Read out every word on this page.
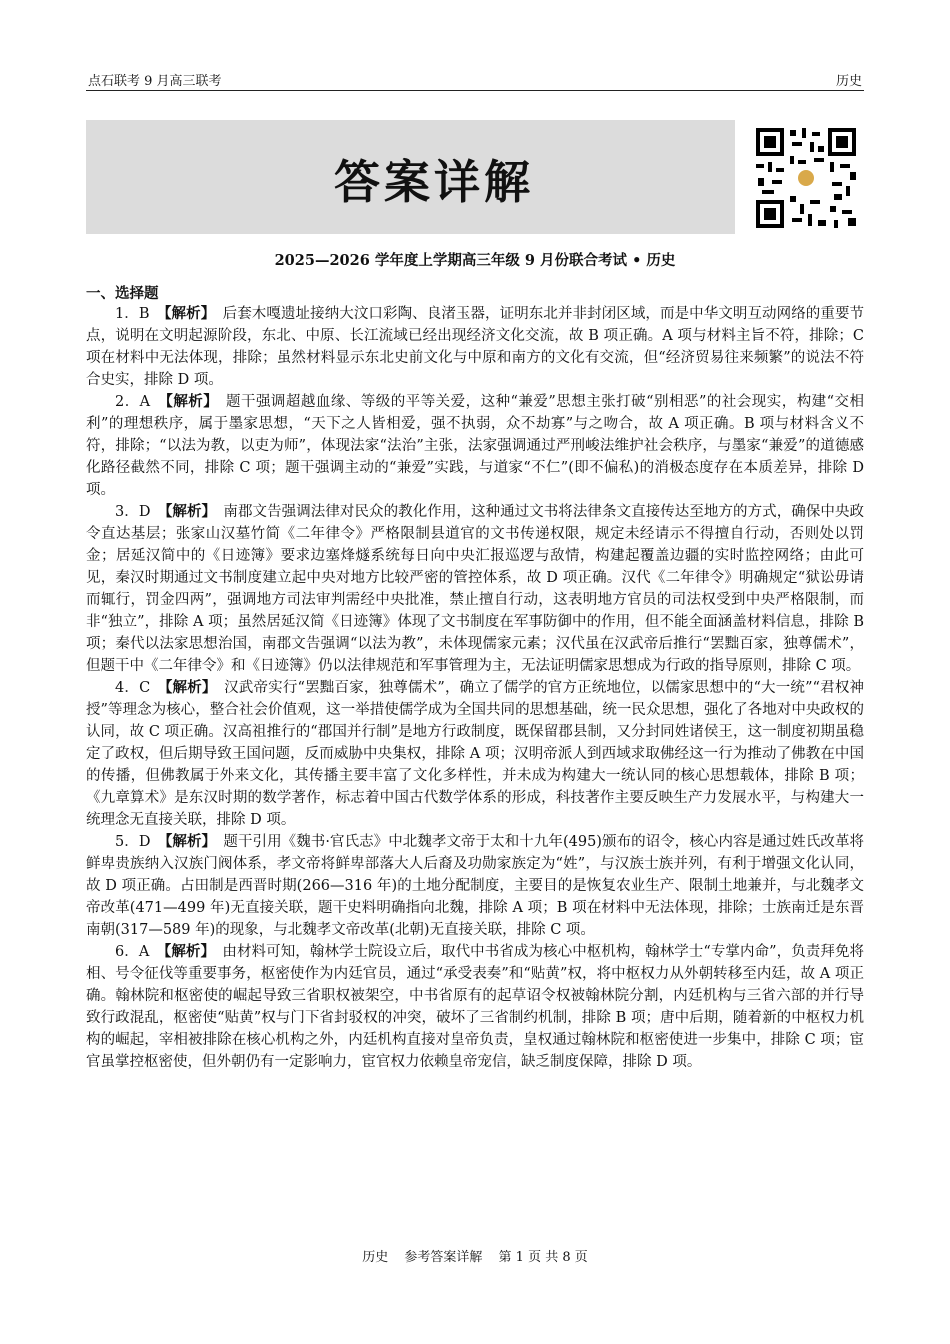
点石联考 9 月高三联考	历史
答案详解
2025—2026 学年度上学期高三年级 9 月份联合考试 • 历史
一、选择题

1．B　 【解析】　 后套木嘎遗址接纳大汶口彩陶、良渚玉器，证明东北并非封闭区域，而是中华文明互动网络的重要节点，说明在文明起源阶段，东北、中原、长江流域已经出现经济文化交流，故 B 项正确。A 项与材料主旨不符，排除；C 项在材料中无法体现，排除；虽然材料显示东北史前文化与中原和南方的文化有交流，但“经济贸易往来频繁”的说法不符合史实，排除 D 项。

2．A　 【解析】　 题干强调超越血缘、等级的平等关爱，这种“兼爱”思想主张打破“别相恶”的社会现实，构建“交相利”的理想秩序，属于墨家思想，“天下之人皆相爱，强不执弱，众不劫寡”与之吻合，故 A 项正确。B 项与材料含义不符，排除；“以法为教，以吏为师”，体现法家“法治”主张，法家强调通过严刑峻法维护社会秩序，与墨家“兼爱”的道德感化路径截然不同，排除 C 项；题干强调主动的“兼爱”实践，与道家“不仁”(即不偏私)的消极态度存在本质差异，排除 D 项。

3．D　 【解析】　 南郡文告强调法律对民众的教化作用，这种通过文书将法律条文直接传达至地方的方式，确保中央政令直达基层；张家山汉墓竹简《二年律令》严格限制县道官的文书传递权限，规定未经请示不得擅自行动，否则处以罚金；居延汉简中的《日迹簿》要求边塞烽燧系统每日向中央汇报巡逻与敌情，构建起覆盖边疆的实时监控网络；由此可见，秦汉时期通过文书制度建立起中央对地方比较严密的管控体系，故 D 项正确。汉代《二年律令》明确规定“狱讼毋请而辄行，罚金四两”，强调地方司法审判需经中央批准，禁止擅自行动，这表明地方官员的司法权受到中央严格限制，而非“独立”，排除 A 项；虽然居延汉简《日迹簿》体现了文书制度在军事防御中的作用，但不能全面涵盖材料信息，排除 B 项；秦代以法家思想治国，南郡文告强调“以法为教”，未体现儒家元素；汉代虽在汉武帝后推行“罢黜百家，独尊儒术”，但题干中《二年律令》和《日迹簿》仍以法律规范和军事管理为主，无法证明儒家思想成为行政的指导原则，排除 C 项。

4．C　 【解析】　 汉武帝实行“罢黜百家，独尊儒术”，确立了儒学的官方正统地位，以儒家思想中的“大一统”“君权神授”等理念为核心，整合社会价值观，这一举措使儒学成为全国共同的思想基础，统一民众思想，强化了各地对中央政权的认同，故 C 项正确。汉高祖推行的“郡国并行制”是地方行政制度，既保留郡县制，又分封同姓诸侯王，这一制度初期虽稳定了政权，但后期导致王国问题，反而威胁中央集权，排除 A 项；汉明帝派人到西域求取佛经这一行为推动了佛教在中国的传播，但佛教属于外来文化，其传播主要丰富了文化多样性，并未成为构建大一统认同的核心思想载体，排除 B 项；《九章算术》是东汉时期的数学著作，标志着中国古代数学体系的形成，科技著作主要反映生产力发展水平，与构建大一统理念无直接关联，排除 D 项。

5．D　 【解析】　 题干引用《魏书·官氏志》中北魏孝文帝于太和十九年(495)颁布的诏令，核心内容是通过姓氏改革将鲜卑贵族纳入汉族门阀体系，孝文帝将鲜卑部落大人后裔及功勋家族定为“姓”，与汉族士族并列，有利于增强文化认同，故 D 项正确。占田制是西晋时期(266—316 年)的土地分配制度，主要目的是恢复农业生产、限制土地兼并，与北魏孝文帝改革(471—499 年)无直接关联，题干史料明确指向北魏，排除 A 项；B 项在材料中无法体现，排除；士族南迁是东晋南朝(317—589 年)的现象，与北魏孝文帝改革(北朝)无直接关联，排除 C 项。

6．A　 【解析】　 由材料可知，翰林学士院设立后，取代中书省成为核心中枢机构，翰林学士“专掌内命”，负责拜免将相、号令征伐等重要事务，枢密使作为内廷官员，通过“承受表奏”和“贴黄”权，将中枢权力从外朝转移至内廷，故 A 项正确。翰林院和枢密使的崛起导致三省职权被架空，中书省原有的起草诏令权被翰林院分割，内廷机构与三省六部的并行导致行政混乱，枢密使“贴黄”权与门下省封驳权的冲突，破坏了三省制约机制，排除 B 项；唐中后期，随着新的中枢权力机构的崛起，宰相被排除在核心机构之外，内廷机构直接对皇帝负责，皇权通过翰林院和枢密使进一步集中，排除 C 项；宦官虽掌控枢密使，但外朝仍有一定影响力，宦官权力依赖皇帝宠信，缺乏制度保障，排除 D 项。

历史 参考答案详解 第 1 页 共 8 页
